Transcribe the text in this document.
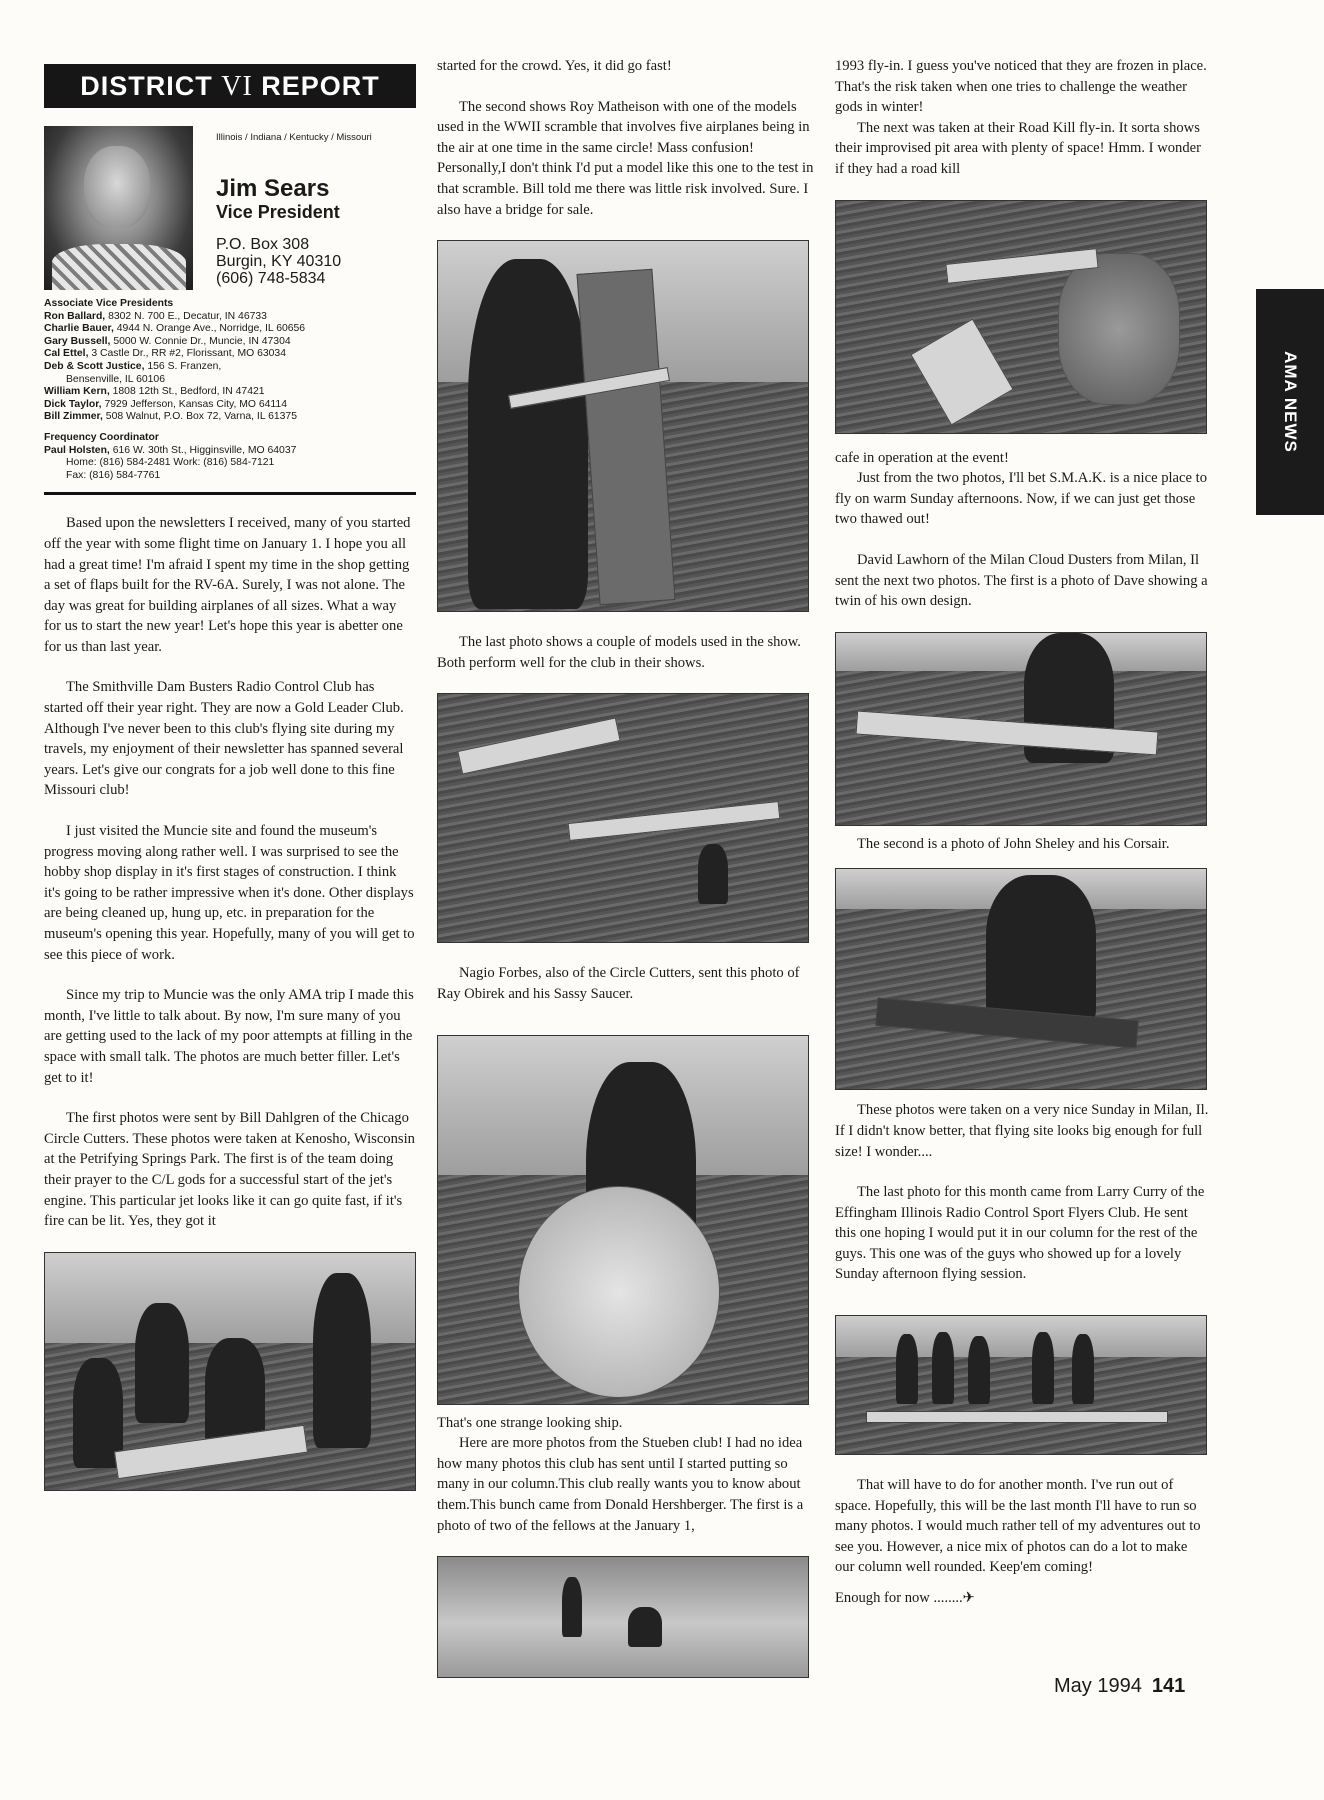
DISTRICT VI REPORT
Illinois / Indiana / Kentucky / Missouri
Jim Sears
Vice President
P.O. Box 308
Burgin, KY 40310
(606) 748-5834
Associate Vice Presidents
Ron Ballard, 8302 N. 700 E., Decatur, IN 46733
Charlie Bauer, 4944 N. Orange Ave., Norridge, IL 60656
Gary Bussell, 5000 W. Connie Dr., Muncie, IN 47304
Cal Ettel, 3 Castle Dr., RR #2, Florissant, MO 63034
Deb & Scott Justice, 156 S. Franzen,
Bensenville, IL 60106
William Kern, 1808 12th St., Bedford, IN 47421
Dick Taylor, 7929 Jefferson, Kansas City, MO 64114
Bill Zimmer, 508 Walnut, P.O. Box 72, Varna, IL 61375
Frequency Coordinator
Paul Holsten, 616 W. 30th St., Higginsville, MO 64037
Home: (816) 584-2481 Work: (816) 584-7121
Fax: (816) 584-7761

Based upon the newsletters I received, many of you started off the year with some flight time on January 1. I hope you all had a great time! I'm afraid I spent my time in the shop getting a set of flaps built for the RV-6A. Surely, I was not alone. The day was great for building airplanes of all sizes. What a way for us to start the new year! Let's hope this year is abetter one for us than last year.

The Smithville Dam Busters Radio Control Club has started off their year right. They are now a Gold Leader Club. Although I've never been to this club's flying site during my travels, my enjoyment of their newsletter has spanned several years. Let's give our congrats for a job well done to this fine Missouri club!

I just visited the Muncie site and found the museum's progress moving along rather well. I was surprised to see the hobby shop display in it's first stages of construction. I think it's going to be rather impressive when it's done. Other displays are being cleaned up, hung up, etc. in preparation for the museum's opening this year. Hopefully, many of you will get to see this piece of work.

Since my trip to Muncie was the only AMA trip I made this month, I've little to talk about. By now, I'm sure many of you are getting used to the lack of my poor attempts at filling in the space with small talk. The photos are much better filler. Let's get to it!

The first photos were sent by Bill Dahlgren of the Chicago Circle Cutters. These photos were taken at Kenosho, Wisconsin at the Petrifying Springs Park. The first is of the team doing their prayer to the C/L gods for a successful start of the jet's engine. This particular jet looks like it can go quite fast, if it's fire can be lit. Yes, they got it

started for the crowd. Yes, it did go fast!

The second shows Roy Matheison with one of the models used in the WWII scramble that involves five airplanes being in the air at one time in the same circle! Mass confusion! Personally,I don't think I'd put a model like this one to the test in that scramble. Bill told me there was little risk involved. Sure. I also have a bridge for sale.

The last photo shows a couple of models used in the show. Both perform well for the club in their shows.

Nagio Forbes, also of the Circle Cutters, sent this photo of Ray Obirek and his Sassy Saucer.

That's one strange looking ship.

Here are more photos from the Stueben club! I had no idea how many photos this club has sent until I started putting so many in our column.This club really wants you to know about them.This bunch came from Donald Hershberger. The first is a photo of two of the fellows at the January 1,

1993 fly-in. I guess you've noticed that they are frozen in place. That's the risk taken when one tries to challenge the weather gods in winter!

The next was taken at their Road Kill fly-in. It sorta shows their improvised pit area with plenty of space! Hmm. I wonder if they had a road kill

cafe in operation at the event!

Just from the two photos, I'll bet S.M.A.K. is a nice place to fly on warm Sunday afternoons. Now, if we can just get those two thawed out!

David Lawhorn of the Milan Cloud Dusters from Milan, Il sent the next two photos. The first is a photo of Dave showing a twin of his own design.

The second is a photo of John Sheley and his Corsair.

These photos were taken on a very nice Sunday in Milan, Il. If I didn't know better, that flying site looks big enough for full size! I wonder....

The last photo for this month came from Larry Curry of the Effingham Illinois Radio Control Sport Flyers Club. He sent this one hoping I would put it in our column for the rest of the guys. This one was of the guys who showed up for a lovely Sunday afternoon flying session.

That will have to do for another month. I've run out of space. Hopefully, this will be the last month I'll have to run so many photos. I would much rather tell of my adventures out to see you. However, a nice mix of photos can do a lot to make our column well rounded. Keep'em coming!

Enough for now ........✈

AMA NEWS
May 1994 141
